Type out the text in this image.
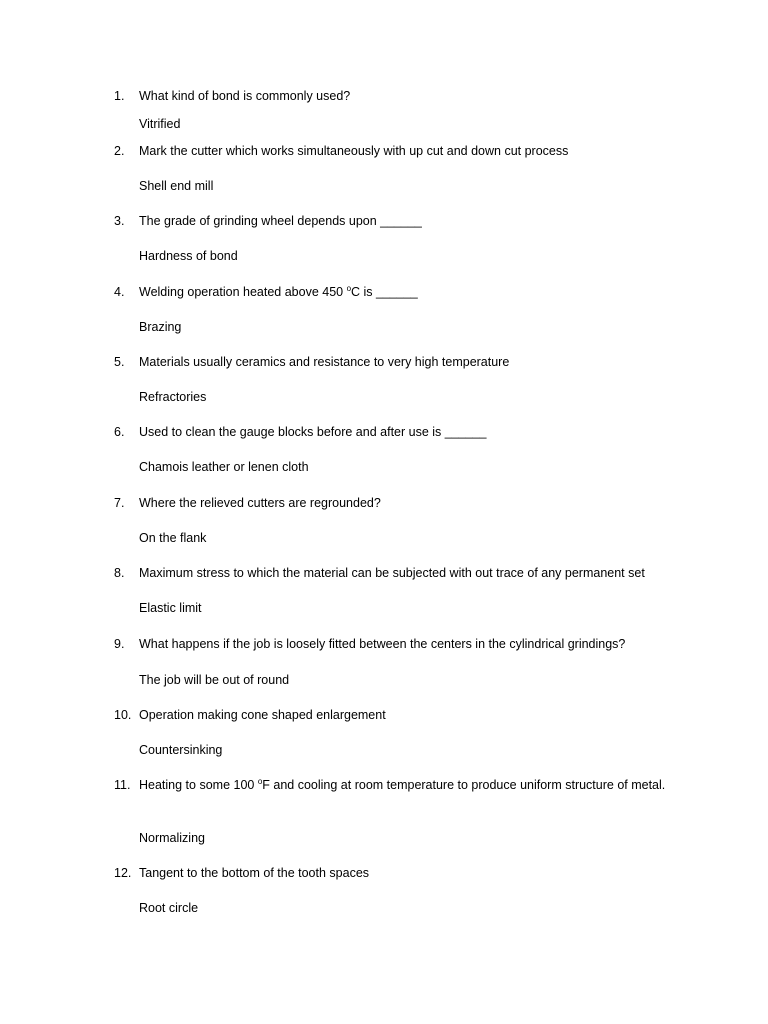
1. What kind of bond is commonly used?
Vitrified
2. Mark the cutter which works simultaneously with up cut and down cut process
Shell end mill
3. The grade of grinding wheel depends upon ______
Hardness of bond
4. Welding operation heated above 450 $^o$C is ______
Brazing
5. Materials usually ceramics and resistance to very high temperature
Refractories
6. Used to clean the gauge blocks before and after use is ______
Chamois leather or lenen cloth
7. Where the relieved cutters are regrounded?
On the flank
8. Maximum stress to which the material can be subjected with out trace of any permanent set
Elastic limit
9. What happens if the job is loosely fitted between the centers in the cylindrical grindings?
The job will be out of round
10. Operation making cone shaped enlargement
Countersinking
11. Heating to some 100 $^o$F and cooling at room temperature to produce uniform structure of metal.
Normalizing
12. Tangent to the bottom of the tooth spaces
Root circle
